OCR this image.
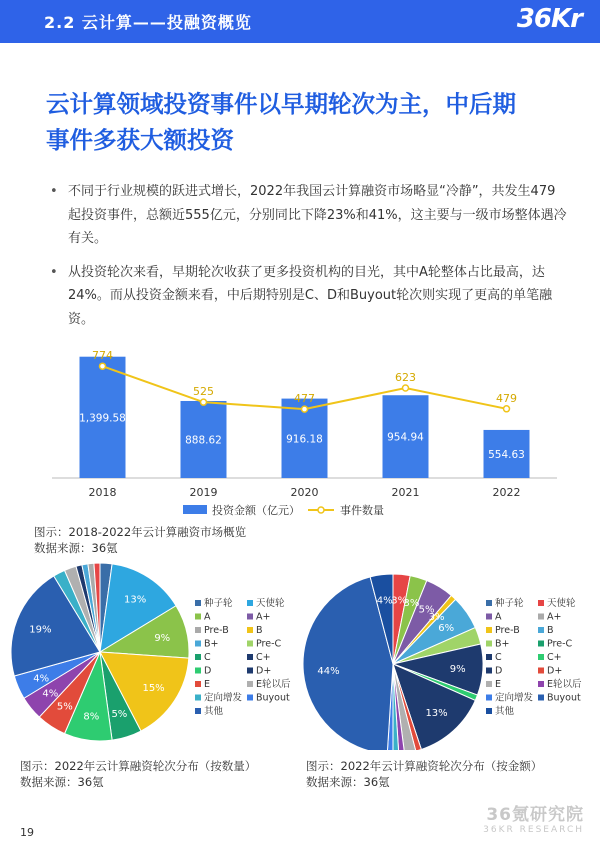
2.2 云计算——投融资概览	36Kr
云计算领域投资事件以早期轮次为主，中后期
事件多获大额投资
• 不同于行业规模的跃进式增长，2022年我国云计算融资市场略显“冷静”，共发生479起投资事件，总额近555亿元，分别同比下降23%和41%，这主要与一级市场整体遇冷有关。
• 从投资轮次来看，早期轮次收获了更多投资机构的目光，其中A轮整体占比最高，达24%。而从投资金额来看，中后期特别是C、D和Buyout轮次则实现了更高的单笔融资。
1,399.58
2018
888.62
2019
916.18
2020
954.94
2021
554.63
2022
774
525
477
623
479
投资金额（亿元）	事件数量
图示：2018-2022年云计算融资市场概览
数据来源：36氪
13%
9%
15%
5%
8%
5%
4%
4%
19%
种子轮
A
Pre-B
B+
C
D
E
定向增发
天使轮
A+
B
Pre-C
C+
D+
E轮以后
Buyout
其他
3%
3%
5%
3%
6%
9%
13%
44%
4%	种子轮
A
Pre-B
B+
C
D
E
定向增发
天使轮
A+
B
Pre-C
C+
D+
E轮以后
Buyout
其他
图示：2022年云计算融资轮次分布（按数量）
数据来源：36氪
图示：2022年云计算融资轮次分布（按金额）
数据来源：36氪
19
36氪研究院
36KR RESEARCH
